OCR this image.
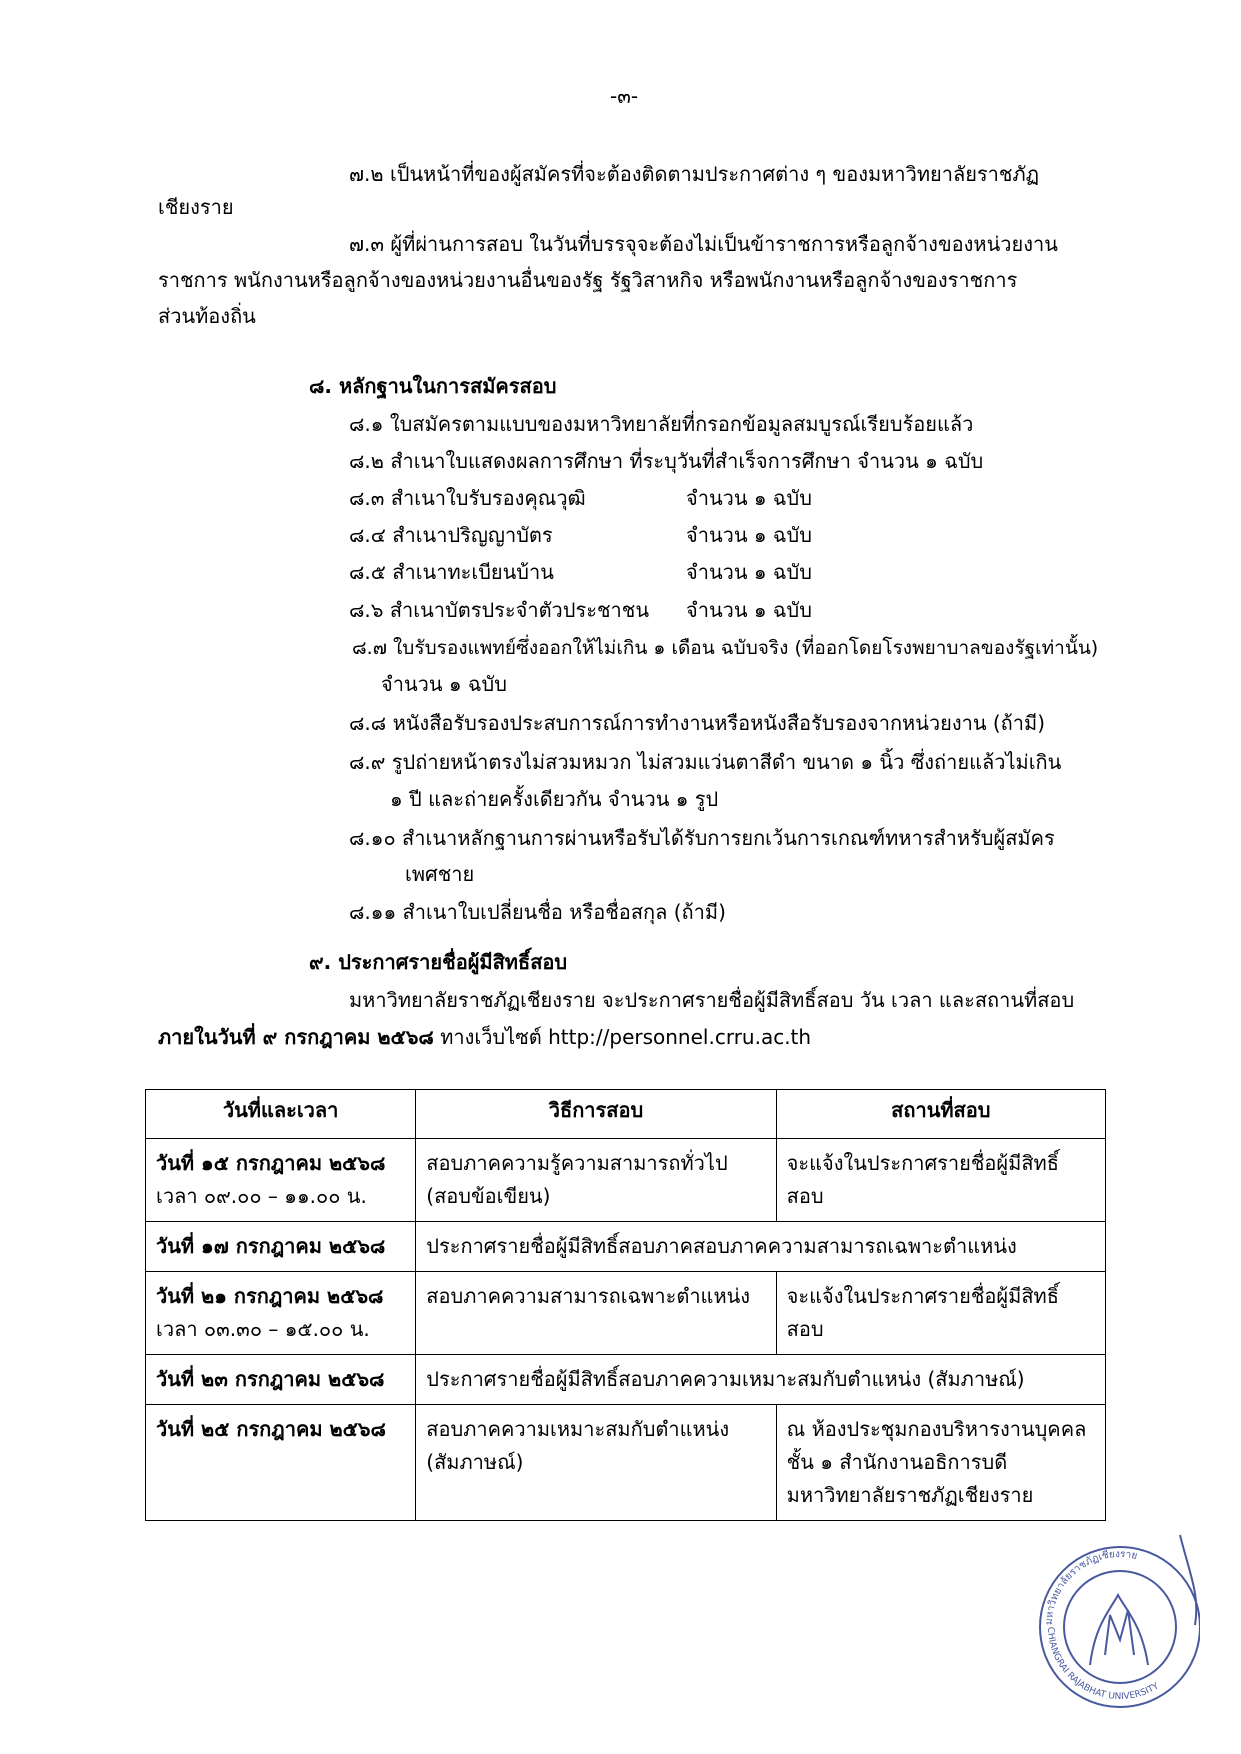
-๓-
๗.๒ เป็นหน้าที่ของผู้สมัครที่จะต้องติดตามประกาศต่าง ๆ ของมหาวิทยาลัยราชภัฏ
เชียงราย
๗.๓ ผู้ที่ผ่านการสอบ ในวันที่บรรจุจะต้องไม่เป็นข้าราชการหรือลูกจ้างของหน่วยงาน
ราชการ พนักงานหรือลูกจ้างของหน่วยงานอื่นของรัฐ รัฐวิสาหกิจ หรือพนักงานหรือลูกจ้างของราชการ
ส่วนท้องถิ่น
๘. หลักฐานในการสมัครสอบ
๘.๑ ใบสมัครตามแบบของมหาวิทยาลัยที่กรอกข้อมูลสมบูรณ์เรียบร้อยแล้ว
๘.๒ สำเนาใบแสดงผลการศึกษา ที่ระบุวันที่สำเร็จการศึกษา จำนวน ๑ ฉบับ
๘.๓ สำเนาใบรับรองคุณวุฒิ	จำนวน ๑ ฉบับ
๘.๔ สำเนาปริญญาบัตร	จำนวน ๑ ฉบับ
๘.๕ สำเนาทะเบียนบ้าน	จำนวน ๑ ฉบับ
๘.๖ สำเนาบัตรประจำตัวประชาชน จำนวน ๑ ฉบับ
๘.๗ ใบรับรองแพทย์ซึ่งออกให้ไม่เกิน ๑ เดือน ฉบับจริง (ที่ออกโดยโรงพยาบาลของรัฐเท่านั้น)
จำนวน ๑ ฉบับ
๘.๘ หนังสือรับรองประสบการณ์การทำงานหรือหนังสือรับรองจากหน่วยงาน (ถ้ามี)
๘.๙ รูปถ่ายหน้าตรงไม่สวมหมวก ไม่สวมแว่นตาสีดำ ขนาด ๑ นิ้ว ซึ่งถ่ายแล้วไม่เกิน
๑ ปี และถ่ายครั้งเดียวกัน จำนวน ๑ รูป
๘.๑๐ สำเนาหลักฐานการผ่านหรือรับได้รับการยกเว้นการเกณฑ์ทหารสำหรับผู้สมัคร
เพศชาย
๘.๑๑ สำเนาใบเปลี่ยนชื่อ หรือชื่อสกุล (ถ้ามี)
๙. ประกาศรายชื่อผู้มีสิทธิ์สอบ
มหาวิทยาลัยราชภัฏเชียงราย จะประกาศรายชื่อผู้มีสิทธิ์สอบ วัน เวลา และสถานที่สอบ
ภายในวันที่ ๙ กรกฎาคม ๒๕๖๘ ทางเว็บไซต์ http://personnel.crru.ac.th
วันที่และเวลา	วิธีการสอบ	สถานที่สอบ

วันที่ ๑๕ กรกฎาคม ๒๕๖๘
เวลา ๐๙.๐๐ – ๑๑.๐๐ น.	สอบภาคความรู้ความสามารถทั่วไป (สอบข้อเขียน)	จะแจ้งในประกาศรายชื่อผู้มีสิทธิ์สอบ

วันที่ ๑๗ กรกฎาคม ๒๕๖๘	ประกาศรายชื่อผู้มีสิทธิ์สอบภาคสอบภาคความสามารถเฉพาะตำแหน่ง	

วันที่ ๒๑ กรกฎาคม ๒๕๖๘
เวลา ๐๓.๓๐ – ๑๕.๐๐ น.	สอบภาคความสามารถเฉพาะตำแหน่ง	จะแจ้งในประกาศรายชื่อผู้มีสิทธิ์สอบ

วันที่ ๒๓ กรกฎาคม ๒๕๖๘	ประกาศรายชื่อผู้มีสิทธิ์สอบภาคความเหมาะสมกับตำแหน่ง (สัมภาษณ์)	

วันที่ ๒๕ กรกฎาคม ๒๕๖๘	สอบภาคความเหมาะสมกับตำแหน่ง (สัมภาษณ์)	ณ ห้องประชุมกองบริหารงานบุคคล ชั้น ๑ สำนักงานอธิการบดี มหาวิทยาลัยราชภัฏเชียงราย
มหาวิทยาลัยราชภัฏเชียงราย
CHIANGRAI RAJABHAT UNIVERSITY
